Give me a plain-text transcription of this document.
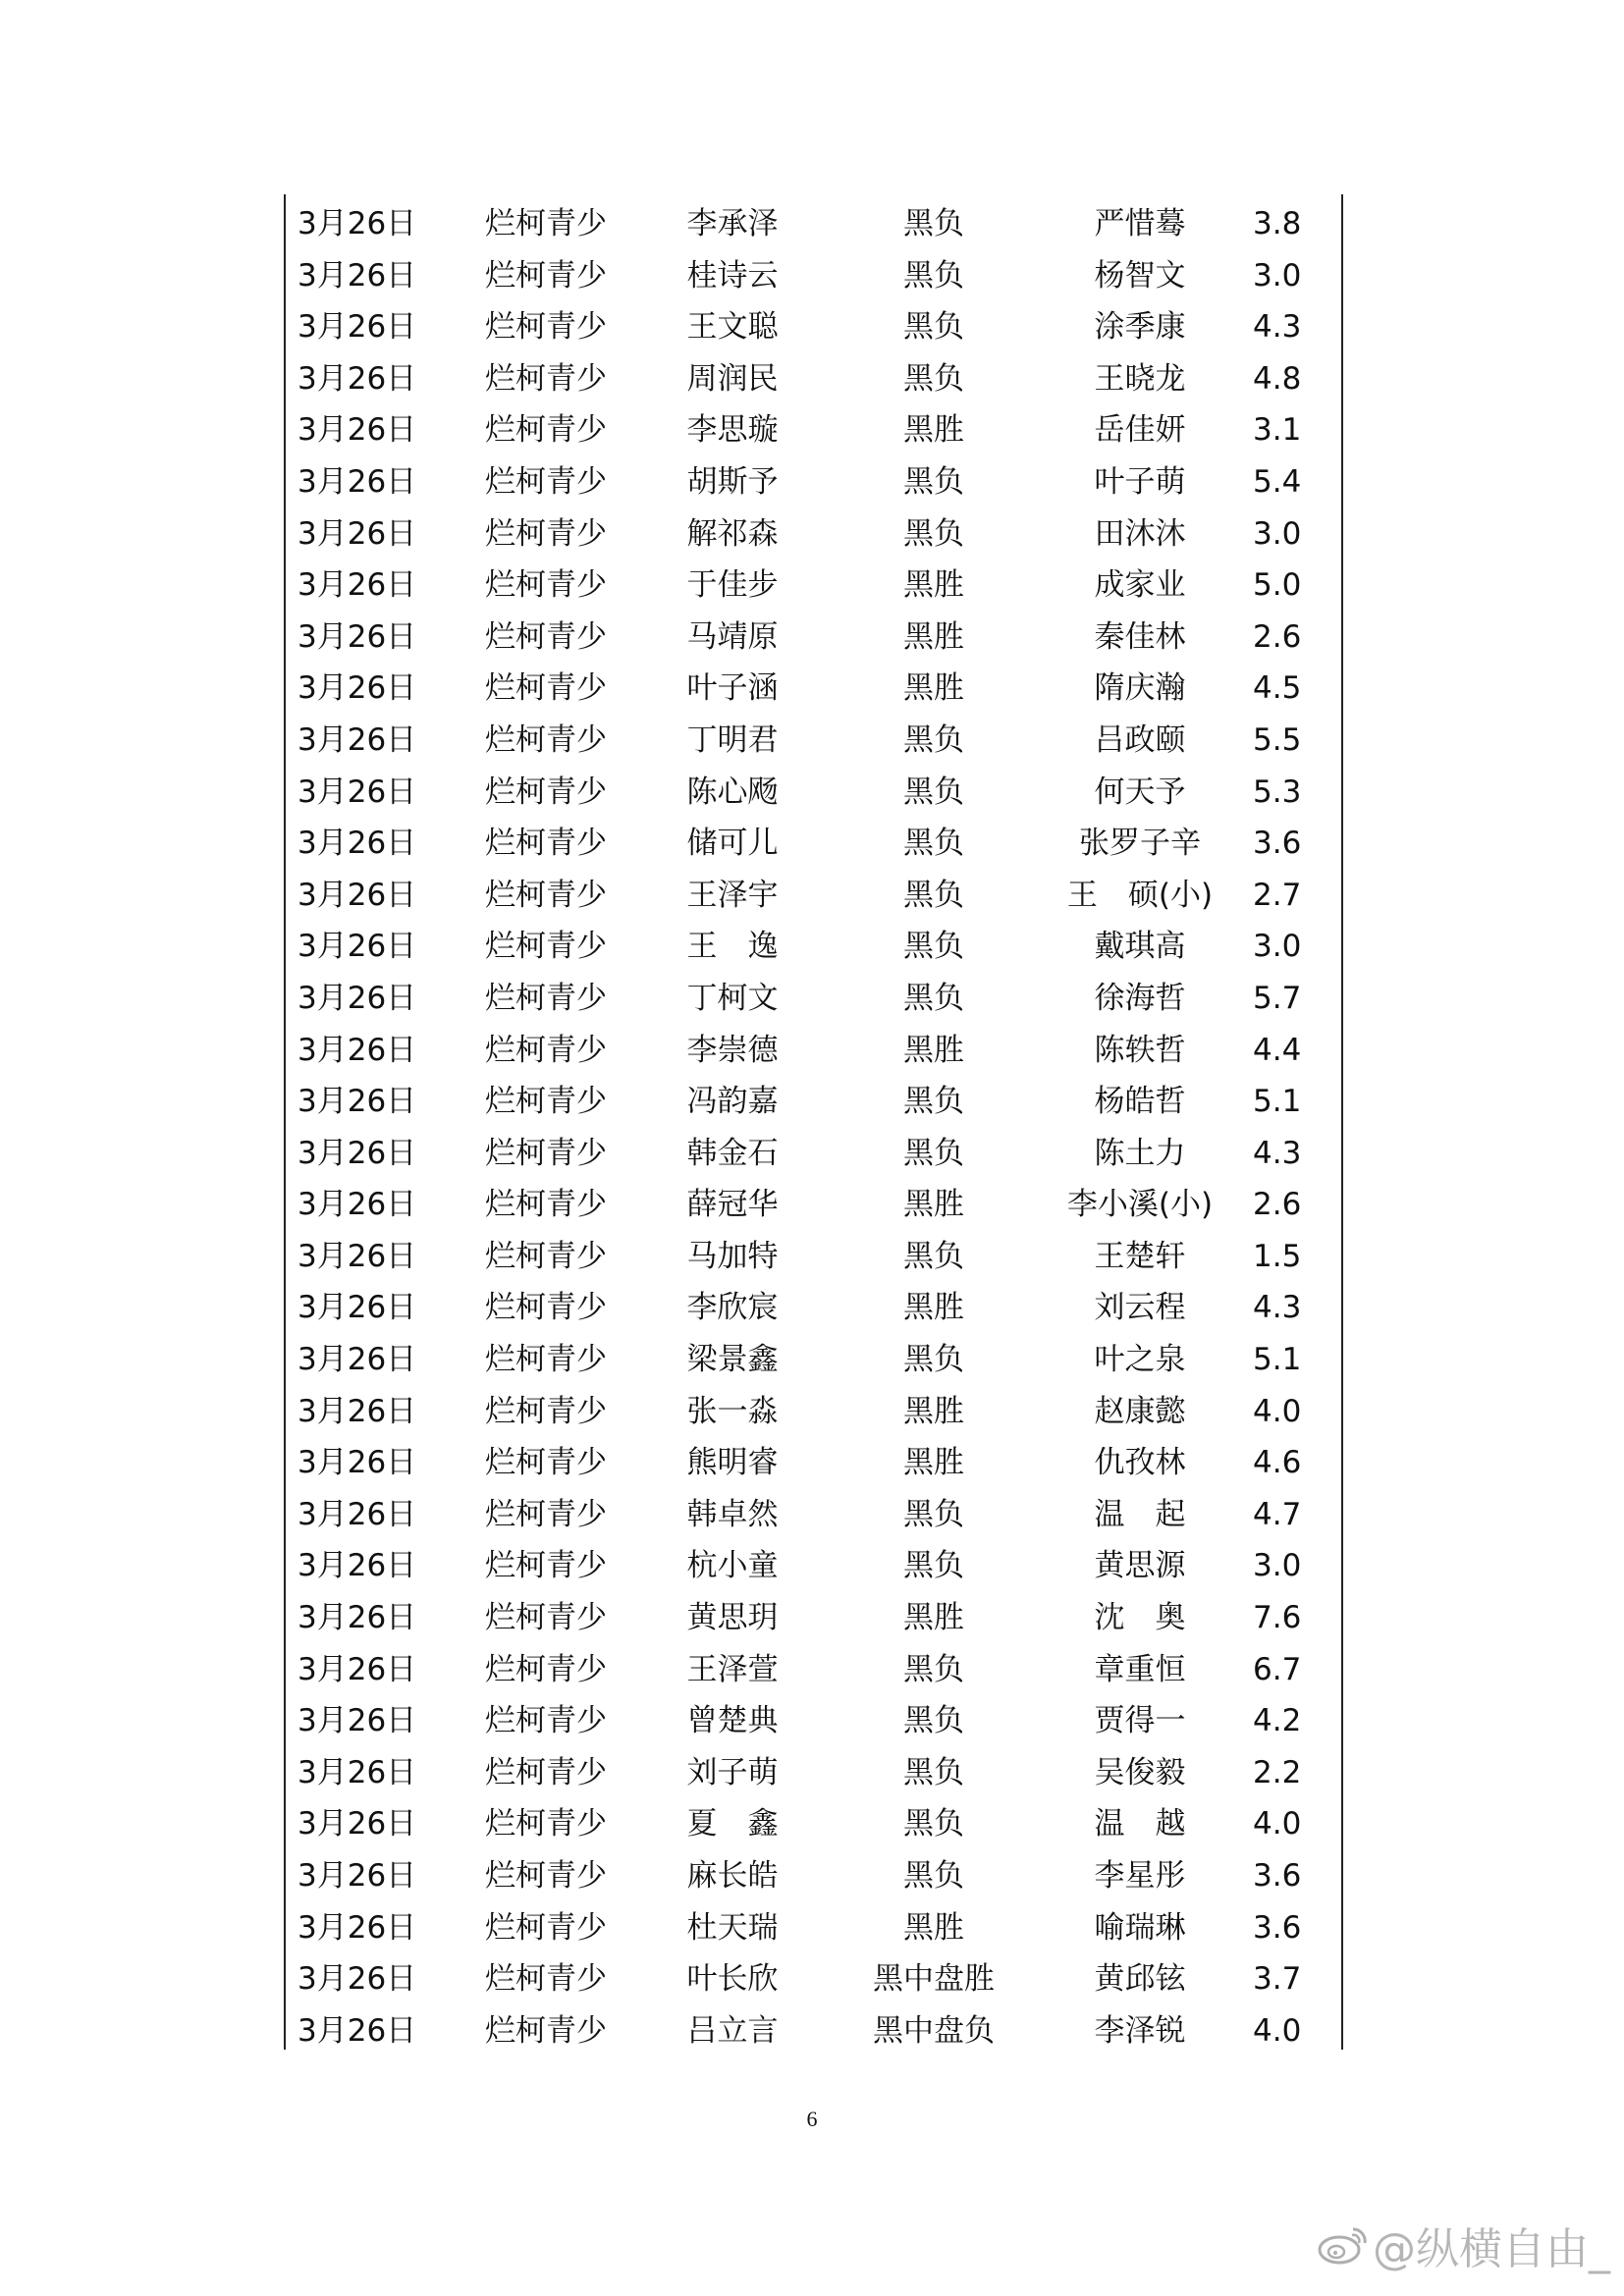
3月26日	烂柯青少	李承泽	黑负	严惜蓦	3.8
3月26日	烂柯青少	桂诗云	黑负	杨智文	3.0
3月26日	烂柯青少	王文聪	黑负	涂季康	4.3
3月26日	烂柯青少	周润民	黑负	王晓龙	4.8
3月26日	烂柯青少	李思璇	黑胜	岳佳妍	3.1
3月26日	烂柯青少	胡斯予	黑负	叶子萌	5.4
3月26日	烂柯青少	解祁森	黑负	田沐沐	3.0
3月26日	烂柯青少	于佳步	黑胜	成家业	5.0
3月26日	烂柯青少	马靖原	黑胜	秦佳林	2.6
3月26日	烂柯青少	叶子涵	黑胜	隋庆瀚	4.5
3月26日	烂柯青少	丁明君	黑负	吕政颐	5.5
3月26日	烂柯青少	陈心飏	黑负	何天予	5.3
3月26日	烂柯青少	储可儿	黑负	张罗子辛	3.6
3月26日	烂柯青少	王泽宇	黑负	王　硕(小)	2.7
3月26日	烂柯青少	王　逸	黑负	戴琪高	3.0
3月26日	烂柯青少	丁柯文	黑负	徐海哲	5.7
3月26日	烂柯青少	李崇德	黑胜	陈轶哲	4.4
3月26日	烂柯青少	冯韵嘉	黑负	杨皓哲	5.1
3月26日	烂柯青少	韩金石	黑负	陈土力	4.3
3月26日	烂柯青少	薛冠华	黑胜	李小溪(小)	2.6
3月26日	烂柯青少	马加特	黑负	王楚轩	1.5
3月26日	烂柯青少	李欣宸	黑胜	刘云程	4.3
3月26日	烂柯青少	梁景鑫	黑负	叶之泉	5.1
3月26日	烂柯青少	张一淼	黑胜	赵康懿	4.0
3月26日	烂柯青少	熊明睿	黑胜	仇孜林	4.6
3月26日	烂柯青少	韩卓然	黑负	温　起	4.7
3月26日	烂柯青少	杭小童	黑负	黄思源	3.0
3月26日	烂柯青少	黄思玥	黑胜	沈　奥	7.6
3月26日	烂柯青少	王泽萱	黑负	章重恒	6.7
3月26日	烂柯青少	曾楚典	黑负	贾得一	4.2
3月26日	烂柯青少	刘子萌	黑负	吴俊毅	2.2
3月26日	烂柯青少	夏　鑫	黑负	温　越	4.0
3月26日	烂柯青少	麻长皓	黑负	李星彤	3.6
3月26日	烂柯青少	杜天瑞	黑胜	喻瑞琳	3.6
3月26日	烂柯青少	叶长欣	黑中盘胜	黄邱铉	3.7
3月26日	烂柯青少	吕立言	黑中盘负	李泽锐	4.0
6
@纵横自由_
